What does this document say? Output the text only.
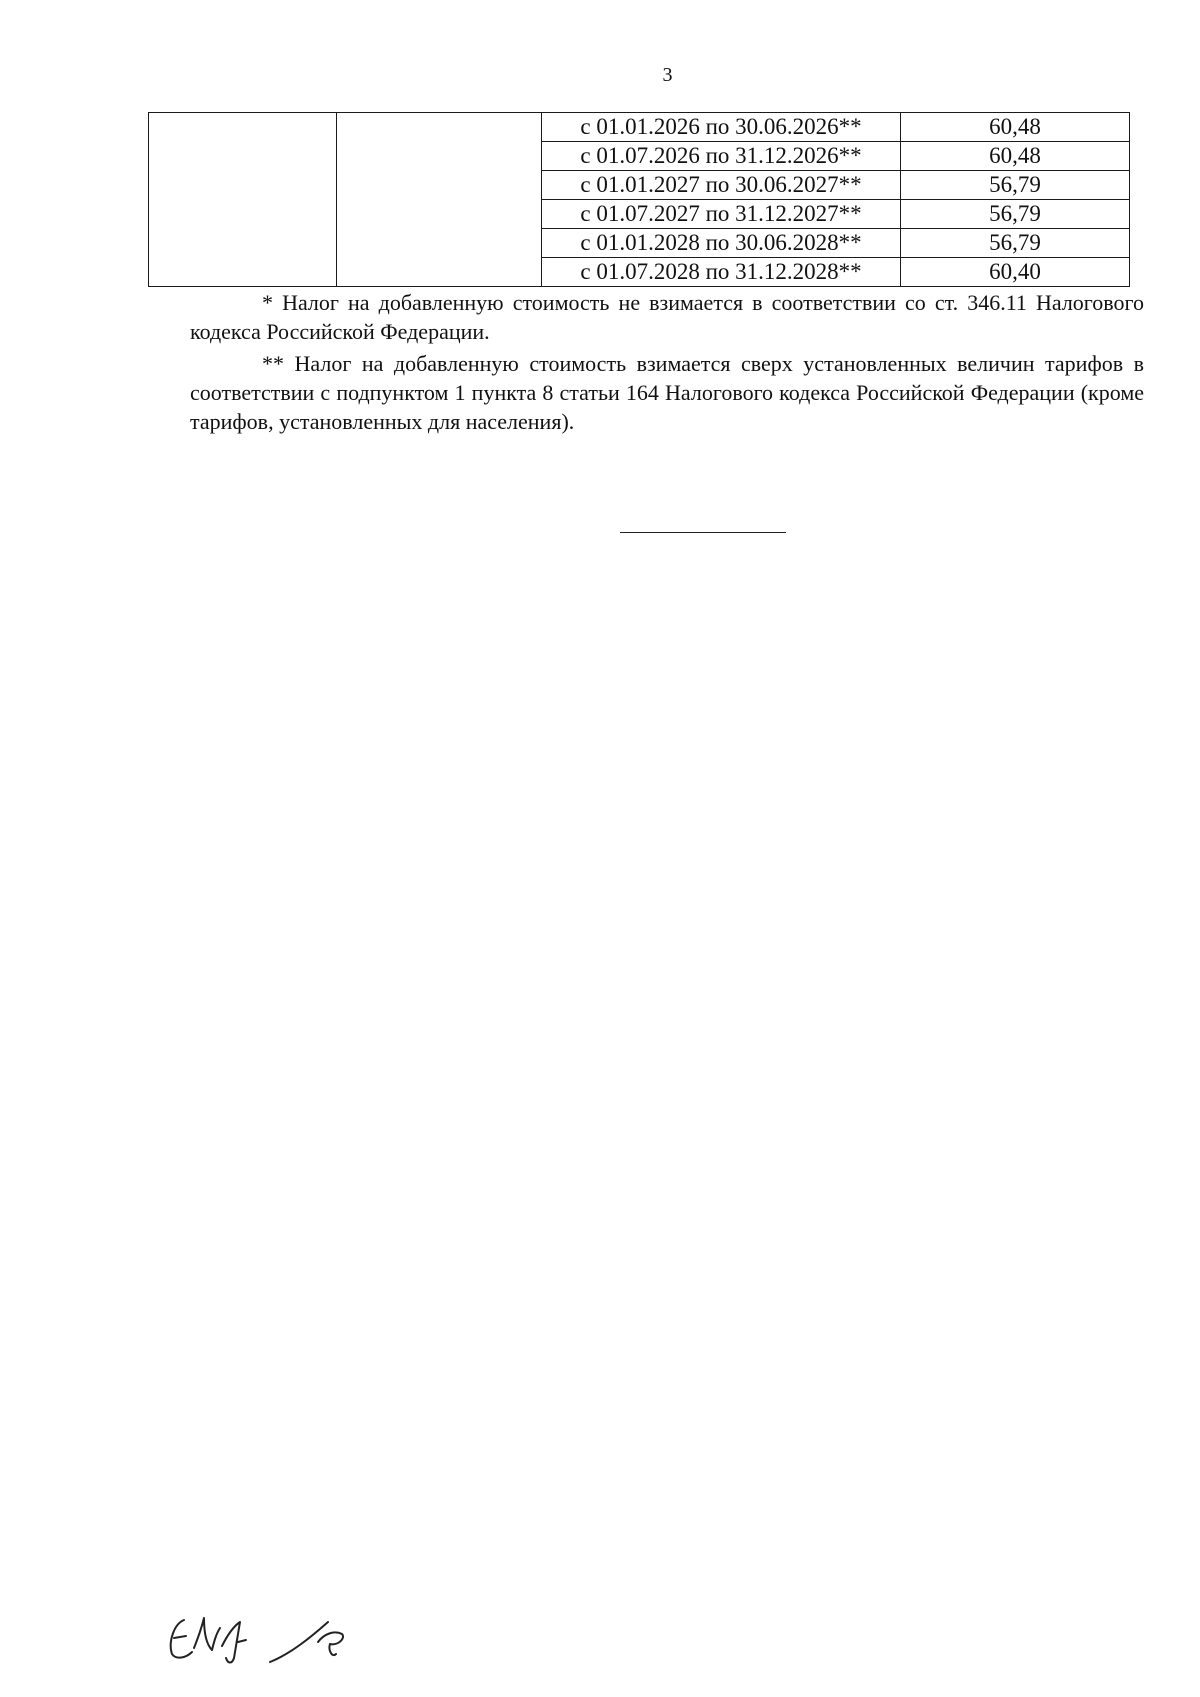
3
		с 01.01.2026 по 30.06.2026**	60,48
		с 01.07.2026 по 31.12.2026**	60,48
		с 01.01.2027 по 30.06.2027**	56,79
		с 01.07.2027 по 31.12.2027**	56,79
		с 01.01.2028 по 30.06.2028**	56,79
		с 01.07.2028 по 31.12.2028**	60,40

* Налог на добавленную стоимость не взимается в соответствии со ст. 346.11 Налогового кодекса Российской Федерации.

** Налог на добавленную стоимость взимается сверх установленных величин тарифов в соответствии с подпунктом 1 пункта 8 статьи 164 Налогового кодекса Российской Федерации (кроме тарифов, установленных для населения).
